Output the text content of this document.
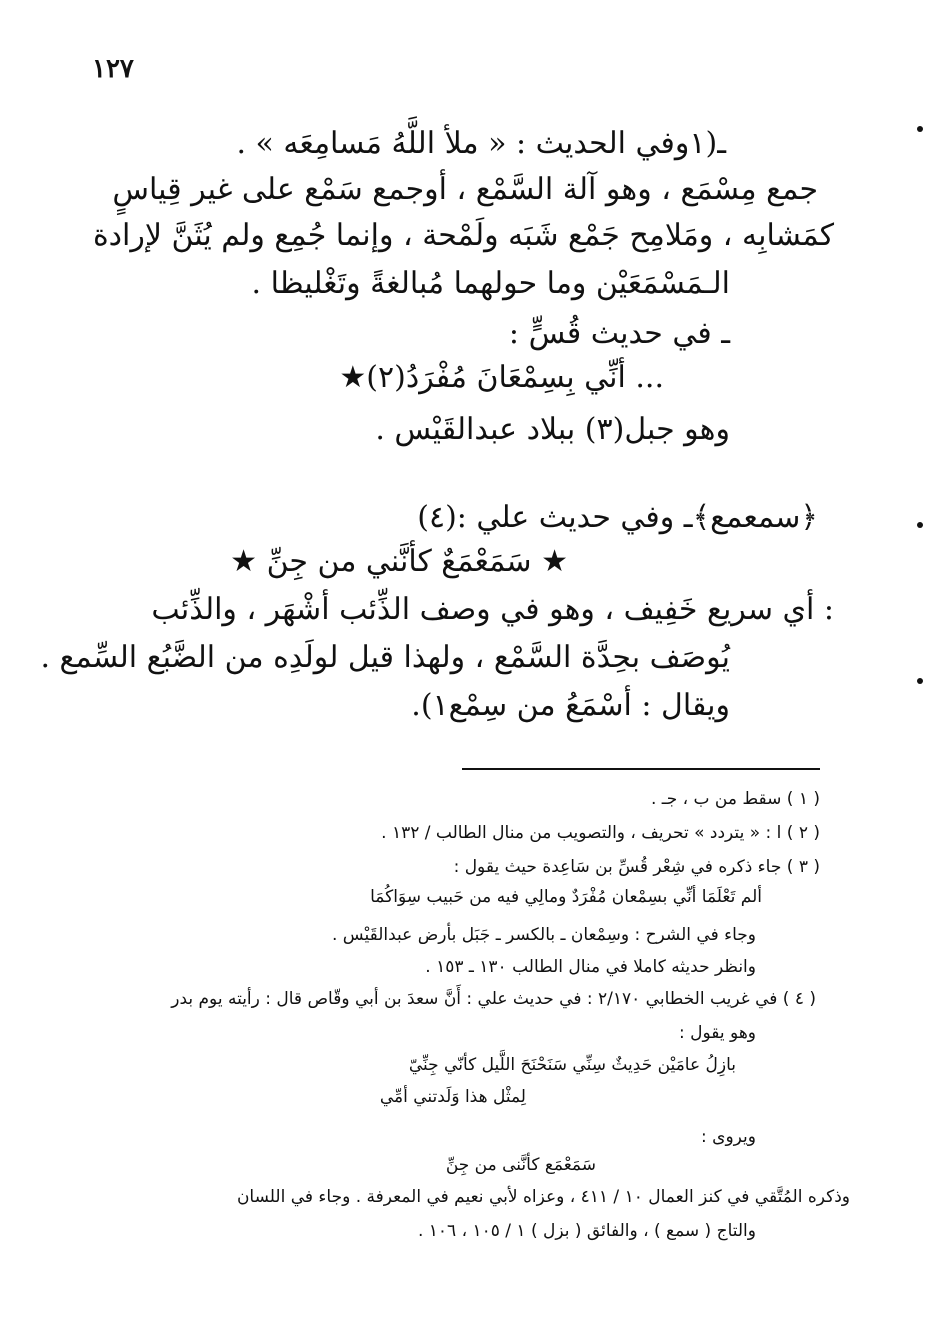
١٢٧
ـ(١وفي الحديث : « ملأ اللَّهُ مَسامِعَه » .
جمع مِسْمَع ، وهو آلة السَّمْع ، أوجمع سَمْع على غير قِياسٍ
كمَشابِه ، ومَلامِح جَمْع شَبَه ولَمْحة ، وإنما جُمِع ولم يُثَنَّ لإرادة
الـمَسْمَعَيْن وما حولهما مُبالغةً وتَغْليظا .
ـ في حديث قُسٍّ :
... أنِّي بِسِمْعَانَ مُفْرَدُ(٢)★
وهو جبل(٣) ببلاد عبدالقَيْس .
﴿سمعمع﴾ـ وفي حديث علي :(٤)
★ سَمَعْمَعٌ كأنَّني من جِنِّ ★
: أي سريع خَفِيف ، وهو في وصف الذِّئب أشْهَر ، والذِّئب
يُوصَف بحِدَّة السَّمْع ، ولهذا قيل لولَدِه من الضَّبُع السِّمع .
ويقال : أسْمَعُ من سِمْع١).
( ١ ) سقط من ب ، جـ .
( ٢ ) ا : « يتردد » تحريف ، والتصويب من منال الطالب / ١٣٢ .
( ٣ ) جاء ذكره في شِعْر قُسِّ بن سَاعِدة حيث يقول :
ألم تَعْلَمَا أنِّي بسِمْعان مُفْرَدٌ ومالِي فيه من حَبيب سِوَاكُمَا
وجاء في الشرح : وسِمْعان ـ بالكسر ـ جَبَل بأرض عبدالقَيْس .
وانظر حديثه كاملا في منال الطالب ١٣٠ ـ ١٥٣ .
( ٤ ) في غريب الخطابي ٢/١٧٠ : في حديث علي : أَنَّ سعدَ بن أبي وقّاص قال : رأيته يوم بدر
وهو يقول :
بازِلُ عامَيْن حَدِيثٌ سِنِّي سَنَحْنَحَ اللَّيل كأنّي جِنِّيّ
لِمثْل هذا وَلَدتني أمِّي
ويروى :
سَمَعْمَع كأنَّنى من جِنِّ
وذكره المُتَّقي في كنز العمال ١٠ / ٤١١ ، وعزاه لأبي نعيم في المعرفة . وجاء في اللسان
والتاج ( سمع ) ، والفائق ( بزل ) ١ / ١٠٥ ، ١٠٦ .
